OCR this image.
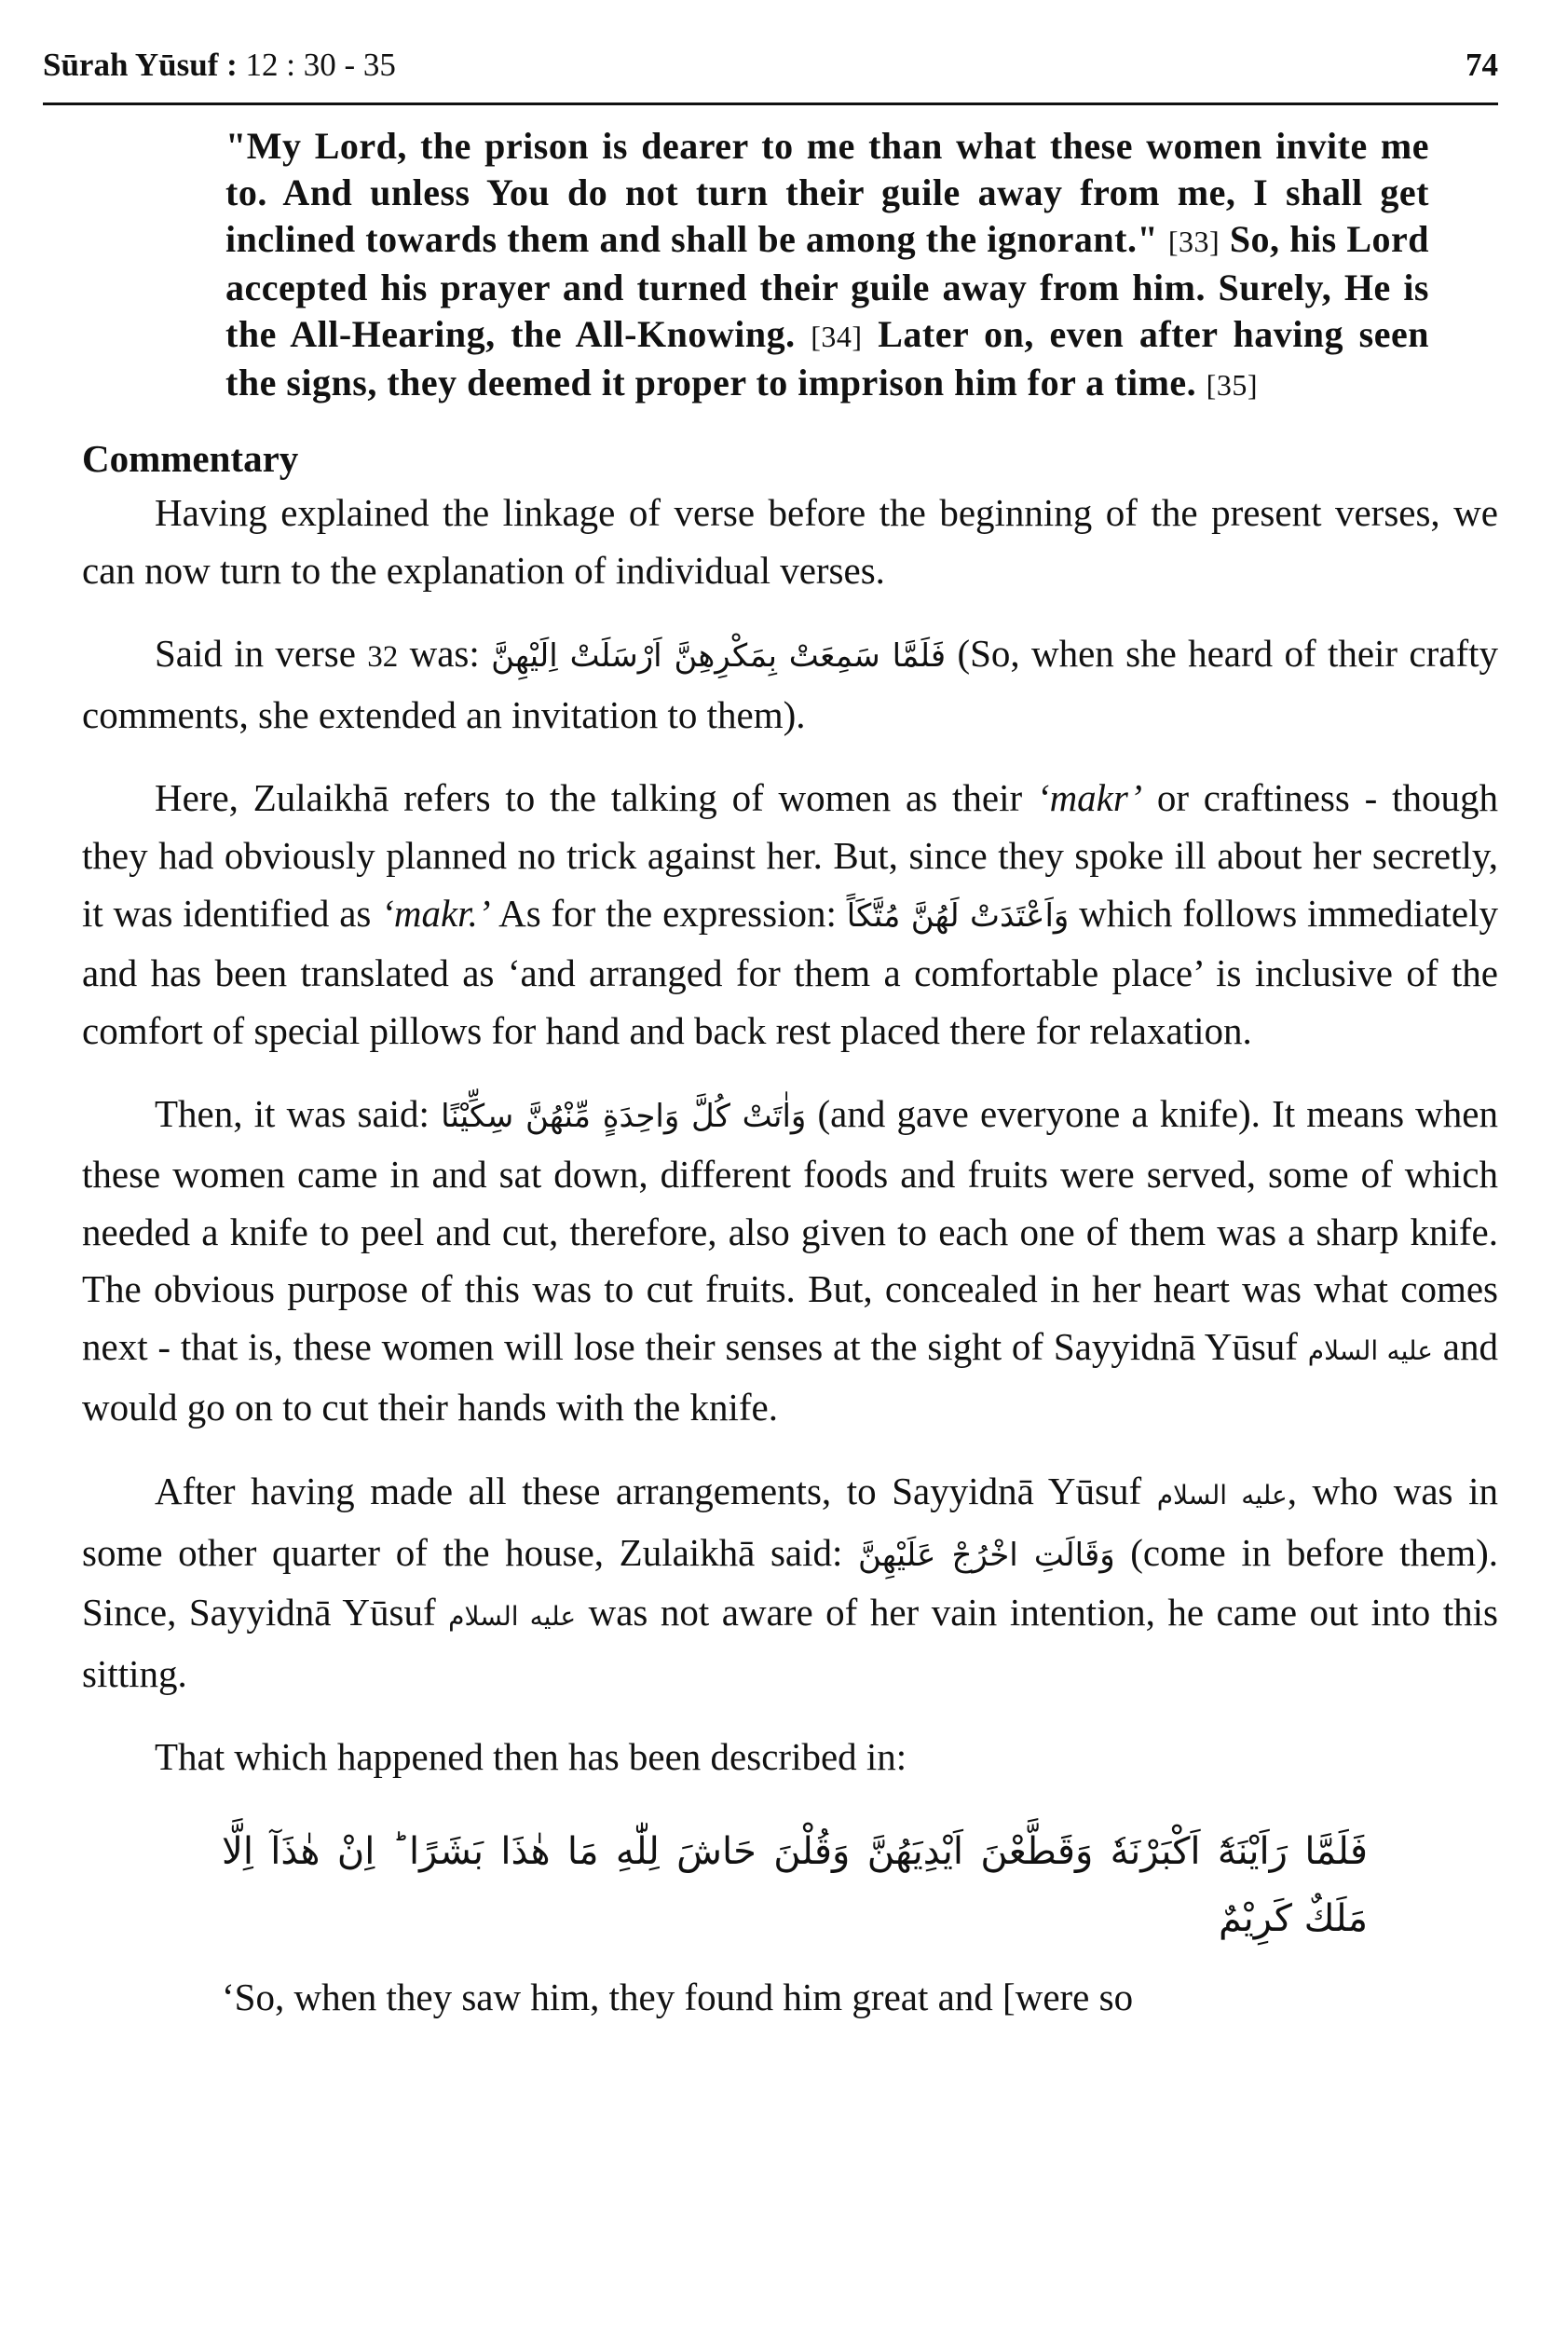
Sūrah Yūsuf : 12 : 30 - 35	74

"My Lord, the prison is dearer to me than what these women invite me to. And unless You do not turn their guile away from me, I shall get inclined towards them and shall be among the ignorant." [33] So, his Lord accepted his prayer and turned their guile away from him. Surely, He is the All-Hearing, the All-Knowing. [34] Later on, even after having seen the signs, they deemed it proper to imprison him for a time. [35]

Commentary

Having explained the linkage of verse before the beginning of the present verses, we can now turn to the explanation of individual verses.

Said in verse 32 was: فَلَمَّا سَمِعَتْ بِمَكْرِهِنَّ اَرْسَلَتْ اِلَيْهِنَّ (So, when she heard of their crafty comments, she extended an invitation to them).

Here, Zulaikhā refers to the talking of women as their ‘makr’ or craftiness - though they had obviously planned no trick against her. But, since they spoke ill about her secretly, it was identified as ‘makr.’ As for the expression: وَاَعْتَدَتْ لَهُنَّ مُتَّكَاً which follows immediately and has been translated as ‘and arranged for them a comfortable place’ is inclusive of the comfort of special pillows for hand and back rest placed there for relaxation.

Then, it was said: وَاٰتَتْ كُلَّ وَاحِدَةٍ مِّنْهُنَّ سِكِّيْنًا (and gave everyone a knife). It means when these women came in and sat down, different foods and fruits were served, some of which needed a knife to peel and cut, therefore, also given to each one of them was a sharp knife. The obvious purpose of this was to cut fruits. But, concealed in her heart was what comes next - that is, these women will lose their senses at the sight of Sayyidnā Yūsuf عليه السلام and would go on to cut their hands with the knife.

After having made all these arrangements, to Sayyidnā Yūsuf عليه السلام, who was in some other quarter of the house, Zulaikhā said: وَقَالَتِ اخْرُجْ عَلَيْهِنَّ (come in before them). Since, Sayyidnā Yūsuf عليه السلام was not aware of her vain intention, he came out into this sitting.

That which happened then has been described in:

فَلَمَّا رَاَيْنَهٗٓ اَكْبَرْنَهٗ وَقَطَّعْنَ اَيْدِيَهُنَّ وَقُلْنَ حَاشَ لِلّٰهِ مَا هٰذَا بَشَرًا ؕ اِنْ هٰذَآ اِلَّا مَلَكٌ كَرِيْمٌ

‘So, when they saw him, they found him great and [were so
